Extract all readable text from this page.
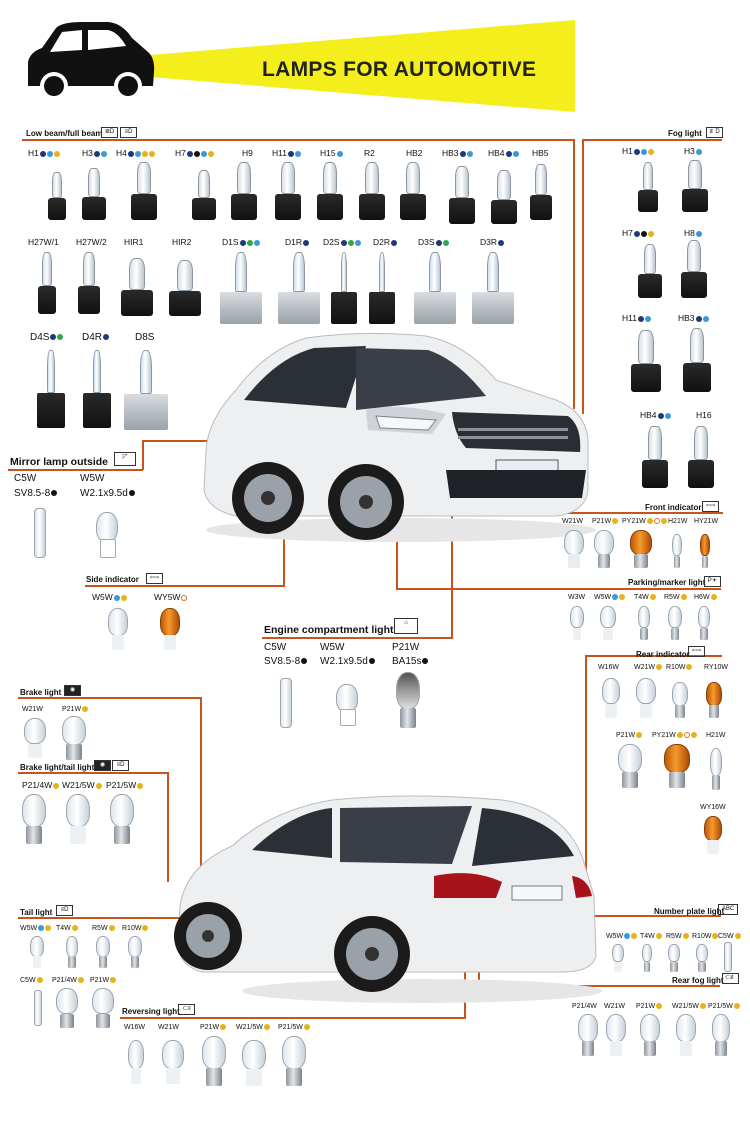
LAMPS FOR AUTOMOTIVE
Low beam/full beam ≣D	≡D	Fog light	≢D
H1	H3	H4	H7	H9 H11	H15	R2	HB2 HB3	HB4	HB5
H27W/1 H27W/2 HIR1	HIR2	D1S	D1R	D2S	D2R	D3S	D3R
D4S	D4R	D8S
H1	H3
H7	H8
H11	HB3
HB4	H16
Mirror lamp outside	◸
C5W	W5W
SV8.5-8	W2.1x9.5d
Front indicator ⇦⇨
W21W P21W	PY21W	H21W HY21W
Side indicator	⇦⇨
W5W	WY5W
Parking/marker light P☀
W3W W5W	T4W	R5W	H6W
Engine compartment light
⌂
C5W	W5W	P21W
SV8.5-8	W2.1x9.5d	BA15s
Rear indicator ⇦⇨
W16W W21W	R10W	RY10W
P21W	PY21W	H21W
WY16W
Brake light	◉
W21W	P21W
Brake light/tail light ◉	≡D
P21/4W	W21/5W	P21/5W
Tail light	≡D
W5W	T4W	R5W	R10W
C5W	P21/4W	P21W
Number plate light
ABC
W5W	T4W	R5W	R10W C5W
Rear fog light ⊂≢
P21/4W W21W P21W	W21/5W	P21/5W
Reversing light ⊂≡
W16W W21W	P21W	W21/5W	P21/5W
